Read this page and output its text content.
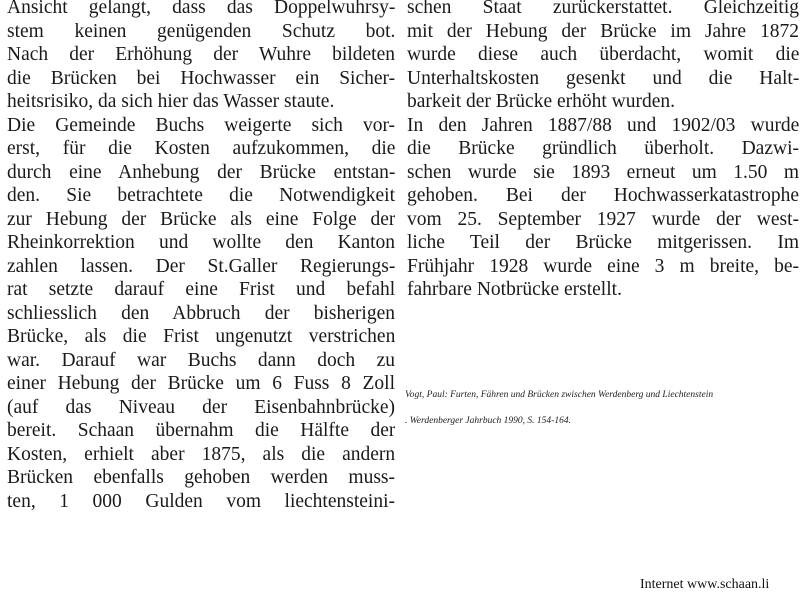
Ansicht gelangt, dass das Doppelwuhrsy-
stem keinen genügenden Schutz bot.
Nach der Erhöhung der Wuhre bildeten
die Brücken bei Hochwasser ein Sicher-
heitsrisiko, da sich hier das Wasser staute.
Die Gemeinde Buchs weigerte sich vor-
erst, für die Kosten aufzukommen, die
durch eine Anhebung der Brücke entstan-
den. Sie betrachtete die Notwendigkeit
zur Hebung der Brücke als eine Folge der
Rheinkorrektion und wollte den Kanton
zahlen lassen. Der St.Galler Regierungs-
rat setzte darauf eine Frist und befahl
schliesslich den Abbruch der bisherigen
Brücke, als die Frist ungenutzt verstrichen
war. Darauf war Buchs dann doch zu
einer Hebung der Brücke um 6 Fuss 8 Zoll
(auf das Niveau der Eisenbahnbrücke)
bereit. Schaan übernahm die Hälfte der
Kosten, erhielt aber 1875, als die andern
Brücken ebenfalls gehoben werden muss-
ten, 1 000 Gulden vom liechtensteini-
schen Staat zurückerstattet. Gleichzeitig
mit der Hebung der Brücke im Jahre 1872
wurde diese auch überdacht, womit die
Unterhaltskosten gesenkt und die Halt-
barkeit der Brücke erhöht wurden.
In den Jahren 1887/88 und 1902/03 wurde
die Brücke gründlich überholt. Dazwi-
schen wurde sie 1893 erneut um 1.50 m
gehoben. Bei der Hochwasserkatastrophe
vom 25. September 1927 wurde der west-
liche Teil der Brücke mitgerissen. Im
Frühjahr 1928 wurde eine 3 m breite, be-
fahrbare Notbrücke erstellt.
Vogt, Paul: Furten, Fähren und Brücken zwischen Werdenberg und Liechtenstein
. Werdenberger Jahrbuch 1990, S. 154-164.
Internet www.schaan.li
